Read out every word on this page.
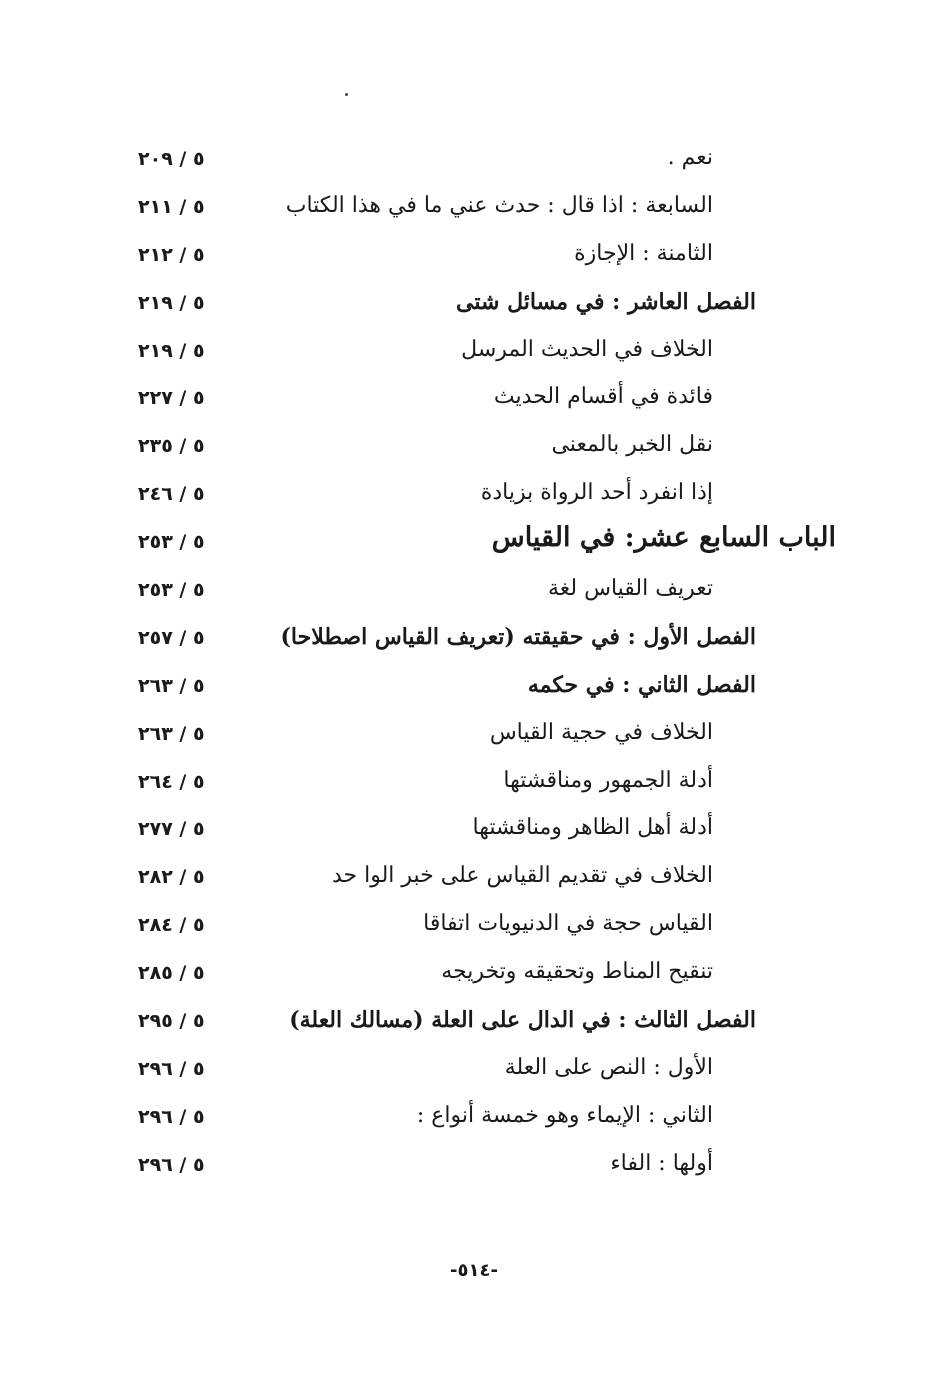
نعم .
٥ / ٢٠٩
السابعة : اذا قال : حدث عني ما في هذا الكتاب
٥ / ٢١١
الثامنة : الإجازة
٥ / ٢١٢
الفصل العاشر : في مسائل شتى
٥ / ٢١٩
الخلاف في الحديث المرسل
٥ / ٢١٩
فائدة في أقسام الحديث
٥ / ٢٢٧
نقل الخبر بالمعنى
٥ / ٢٣٥
إذا انفرد أحد الرواة بزيادة
٥ / ٢٤٦
الباب السابع عشر: في القياس
٥ / ٢٥٣
تعريف القياس لغة
٥ / ٢٥٣
الفصل الأول : في حقيقته (تعريف القياس اصطلاحا)
٥ / ٢٥٧
الفصل الثاني : في حكمه
٥ / ٢٦٣
الخلاف في حجية القياس
٥ / ٢٦٣
أدلة الجمهور ومناقشتها
٥ / ٢٦٤
أدلة أهل الظاهر ومناقشتها
٥ / ٢٧٧
الخلاف في تقديم القياس على خبر الوا حد
٥ / ٢٨٢
القياس حجة في الدنيويات اتفاقا
٥ / ٢٨٤
تنقيح المناط وتحقيقه وتخريجه
٥ / ٢٨٥
الفصل الثالث : في الدال على العلة (مسالك العلة)
٥ / ٢٩٥
الأول : النص على العلة
٥ / ٢٩٦
الثاني : الإيماء وهو خمسة أنواع :
٥ / ٢٩٦
أولها : الفاء
٥ / ٢٩٦
-٥١٤-
